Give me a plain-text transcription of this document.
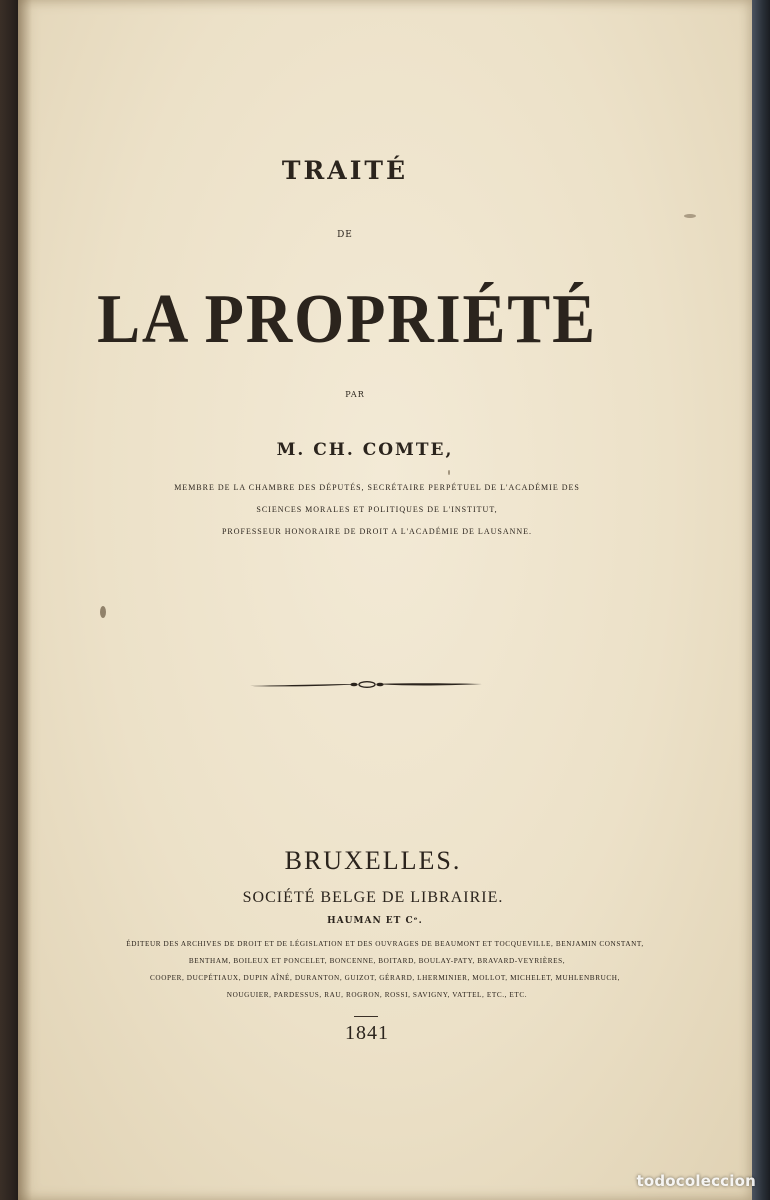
TRAITÉ
DE
LA PROPRIÉTÉ
PAR
M. CH. COMTE,
MEMBRE DE LA CHAMBRE DES DÉPUTÉS, SECRÉTAIRE PERPÉTUEL DE L'ACADÉMIE DES
SCIENCES MORALES ET POLITIQUES DE L'INSTITUT,
PROFESSEUR HONORAIRE DE DROIT A L'ACADÉMIE DE LAUSANNE.
BRUXELLES.
SOCIÉTÉ BELGE DE LIBRAIRIE.
HAUMAN ET Cᵉ.
ÉDITEUR DES ARCHIVES DE DROIT ET DE LÉGISLATION ET DES OUVRAGES DE BEAUMONT ET TOCQUEVILLE, BENJAMIN CONSTANT,
BENTHAM, BOILEUX ET PONCELET, BONCENNE, BOITARD, BOULAY-PATY, BRAVARD-VEYRIÈRES,
COOPER, DUCPÉTIAUX, DUPIN AÎNÉ, DURANTON, GUIZOT, GÉRARD, LHERMINIER, MOLLOT, MICHELET, MUHLENBRUCH,
NOUGUIER, PARDESSUS, RAU, ROGRON, ROSSI, SAVIGNY, VATTEL, ETC., ETC.
1841
todocoleccion
